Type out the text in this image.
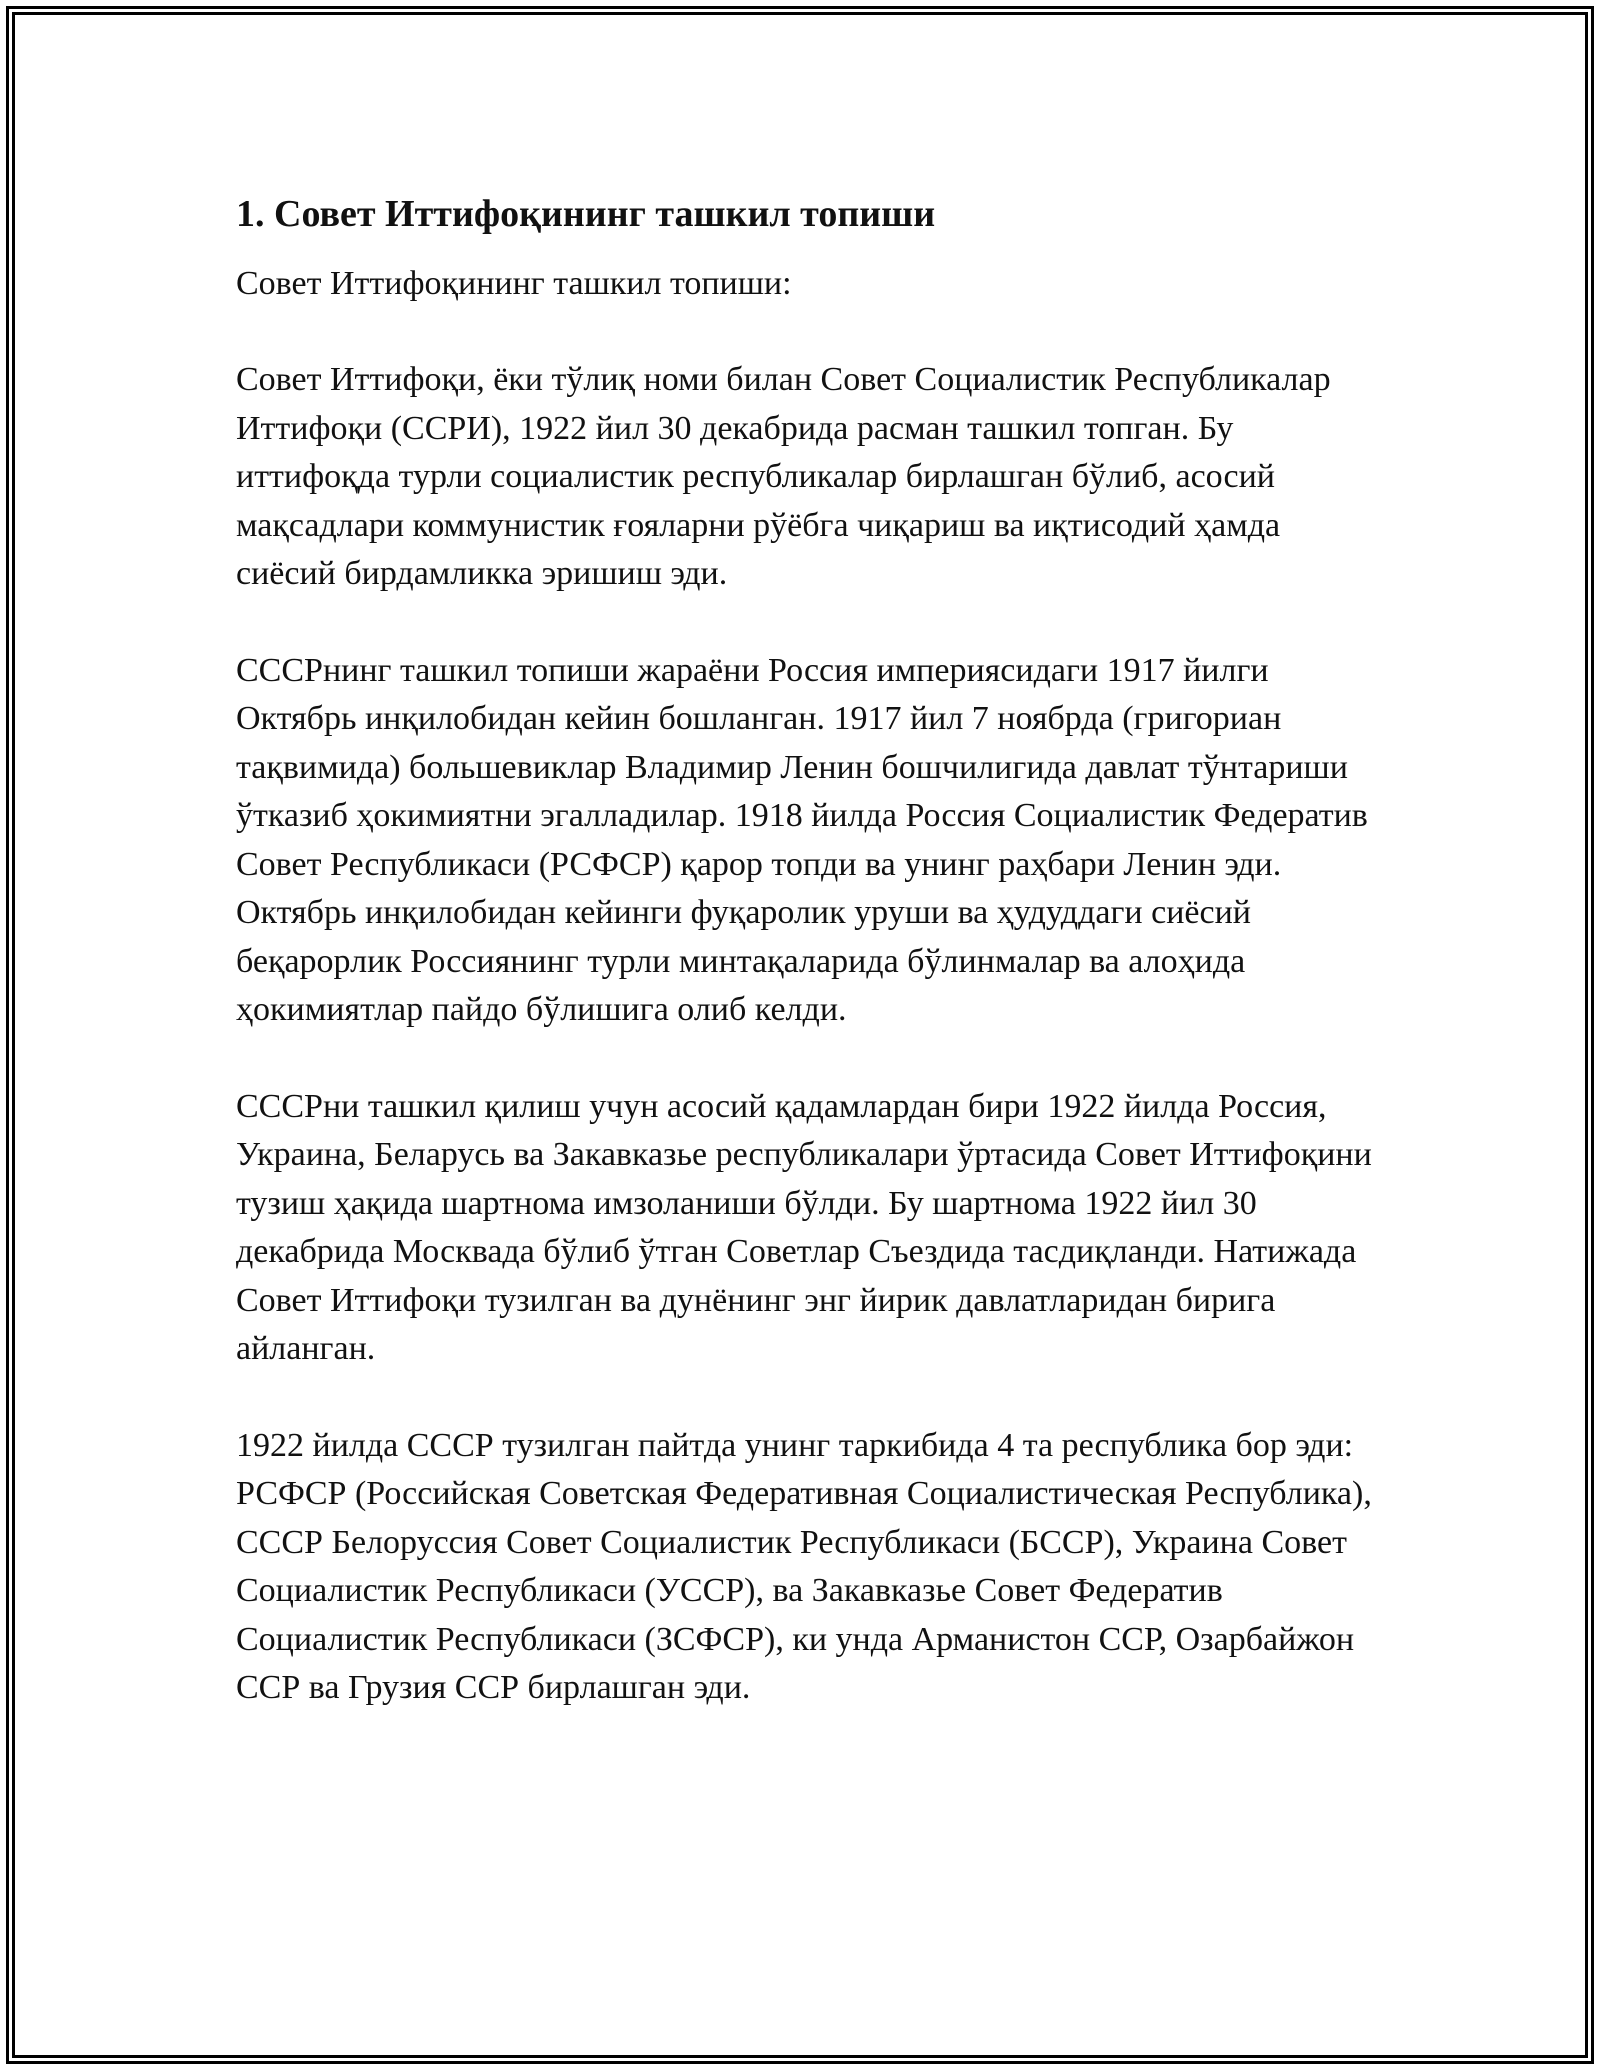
1. Совет Иттифоқининг ташкил топиши

Совет Иттифоқининг ташкил топиши:

Совет Иттифоқи, ёки тўлиқ номи билан Совет Социалистик Республикалар Иттифоқи (ССРИ), 1922 йил 30 декабрида расман ташкил топган. Бу иттифоқда турли социалистик республикалар бирлашган бўлиб, асосий мақсадлари коммунистик ғояларни рўёбга чиқариш ва иқтисодий ҳамда сиёсий бирдамликка эришиш эди.

СССРнинг ташкил топиши жараёни Россия империясидаги 1917 йилги Октябрь инқилобидан кейин бошланган. 1917 йил 7 ноябрда (григориан тақвимида) большевиклар Владимир Ленин бошчилигида давлат тўнтариши ўтказиб ҳокимиятни эгалладилар. 1918 йилда Россия Социалистик Федератив Совет Республикаси (РСФСР) қарор топди ва унинг раҳбари Ленин эди. Октябрь инқилобидан кейинги фуқаролик уруши ва ҳудуддаги сиёсий беқарорлик Россиянинг турли минтақаларида бўлинмалар ва алоҳида ҳокимиятлар пайдо бўлишига олиб келди.

СССРни ташкил қилиш учун асосий қадамлардан бири 1922 йилда Россия, Украина, Беларусь ва Закавказье республикалари ўртасида Совет Иттифоқини тузиш ҳақида шартнома имзоланиши бўлди. Бу шартнома 1922 йил 30 декабрида Москвада бўлиб ўтган Советлар Съездида тасдиқланди. Натижада Совет Иттифоқи тузилган ва дунёнинг энг йирик давлатларидан бирига айланган.

1922 йилда СССР тузилган пайтда унинг таркибида 4 та республика бор эди: РСФСР (Российская Советская Федеративная Социалистическая Республика), СССР Белоруссия Совет Социалистик Республикаси (БССР), Украина Совет Социалистик Республикаси (УССР), ва Закавказье Совет Федератив Социалистик Республикаси (ЗСФСР), ки унда Арманистон ССР, Озарбайжон ССР ва Грузия ССР бирлашган эди.
